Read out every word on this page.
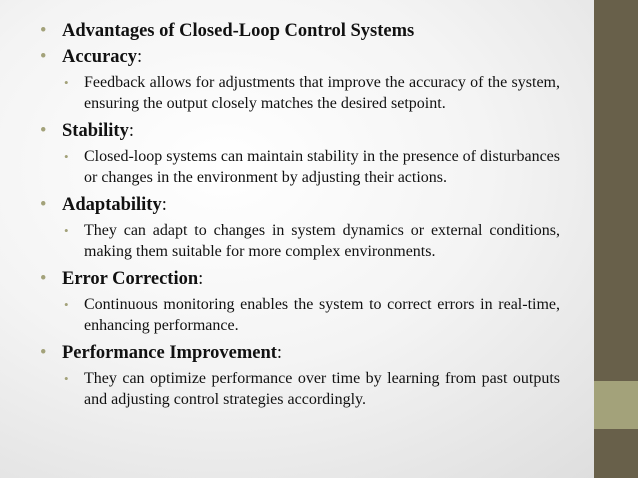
• Advantages of Closed-Loop Control Systems
• Accuracy:
• Feedback allows for adjustments that improve the accuracy of the system, ensuring the output closely matches the desired setpoint.
• Stability:
• Closed-loop systems can maintain stability in the presence of disturbances or changes in the environment by adjusting their actions.
• Adaptability:
• They can adapt to changes in system dynamics or external conditions, making them suitable for more complex environments.
• Error Correction:
• Continuous monitoring enables the system to correct errors in real-time, enhancing performance.
• Performance Improvement:
• They can optimize performance over time by learning from past outputs and adjusting control strategies accordingly.
